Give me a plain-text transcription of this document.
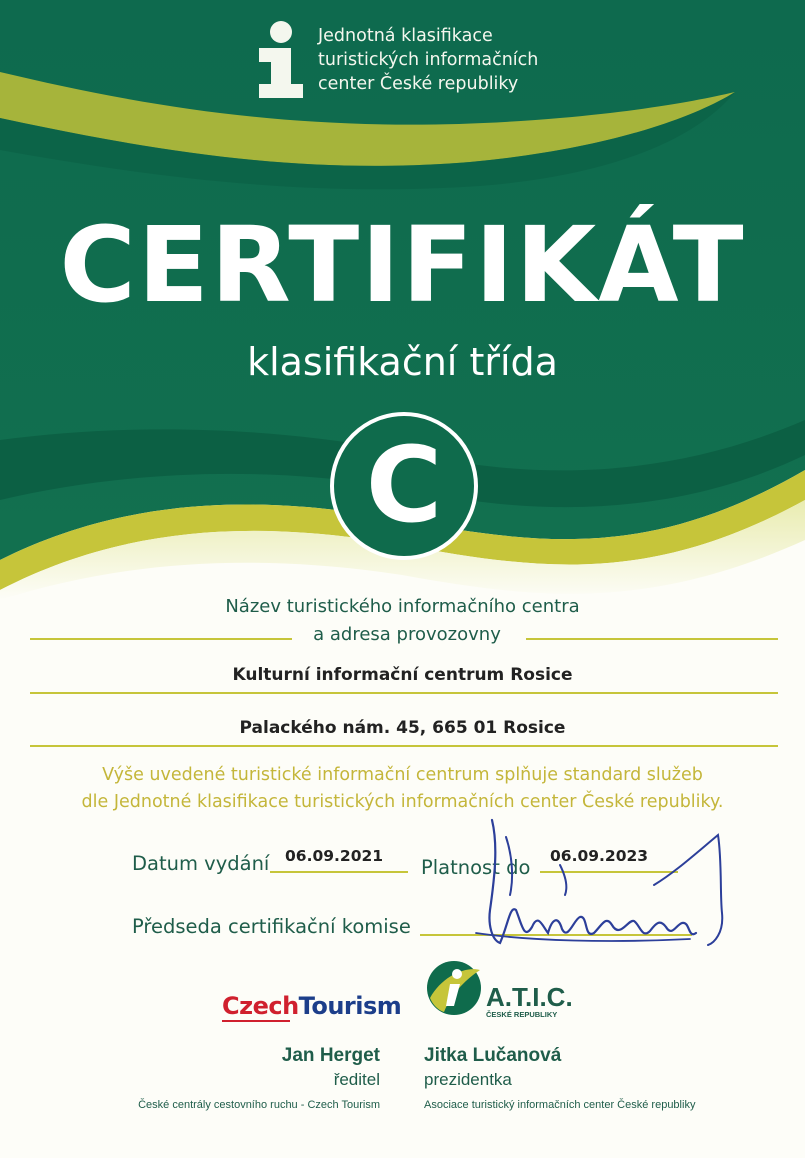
Jednotná klasifikace
turistických informačních
center České republiky
CERTIFIKÁT
klasifikační třída
C
Název turistického informačního centra
a adresa provozovny
Kulturní informační centrum Rosice
Palackého nám. 45, 665 01 Rosice
Výše uvedené turistické informační centrum splňuje standard služeb
dle Jednotné klasifikace turistických informačních center České republiky.
Datum vydání 06.09.2021 Platnost do 06.09.2023
Předseda certifikační komise
CzechTourism	A.T.I.C.
ČESKÉ REPUBLIKY
Jan Herget
ředitel
České centrály cestovního ruchu - Czech Tourism
Jitka Lučanová
prezidentka
Asociace turistický informačních center České republiky
